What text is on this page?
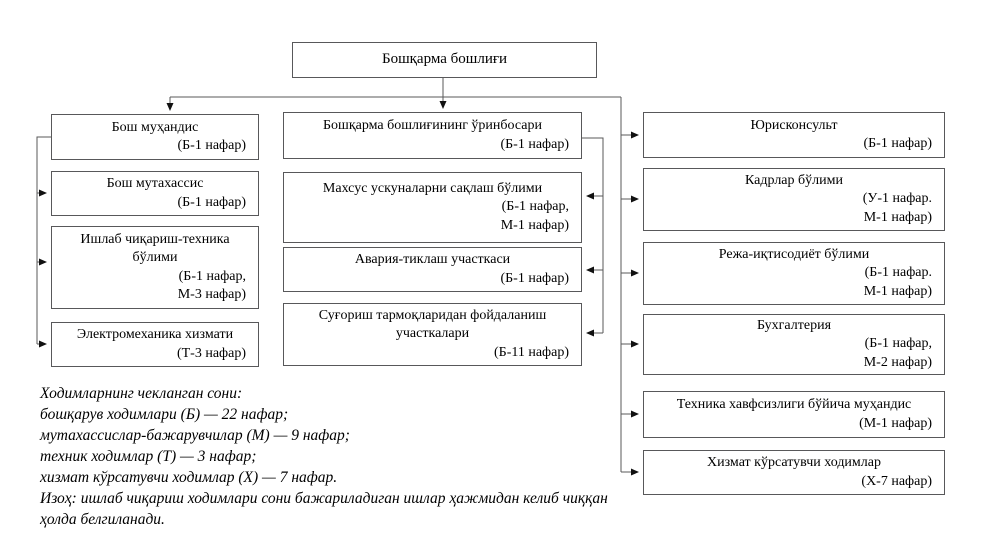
Бошқарма бошлиғи
Бош муҳандис
(Б-1 нафар)
Бош мутахассис
(Б-1 нафар)
Ишлаб чиқариш-техника бўлими
(Б-1 нафар,
М-3 нафар)
Электромеханика хизмати
(Т-3 нафар)
Бошқарма бошлиғининг ўринбосари
(Б-1 нафар)
Махсус ускуналарни сақлаш бўлими
(Б-1 нафар,
М-1 нафар)
Авария-тиклаш участкаси
(Б-1 нафар)
Суғориш тармоқларидан фойдаланиш участкалари
(Б-11 нафар)
Юрисконсульт
(Б-1 нафар)
Кадрлар бўлими
(У-1 нафар.
М-1 нафар)
Режа-иқтисодиёт бўлими
(Б-1 нафар.
М-1 нафар)
Бухгалтерия
(Б-1 нафар,
М-2 нафар)
Техника хавфсизлиги бўйича муҳандис
(М-1 нафар)
Хизмат кўрсатувчи ходимлар
(Х-7 нафар)
Ходимларнинг чекланган сони:
бошқарув ходимлари (Б) — 22 нафар;
мутахассислар-бажарувчилар (М) — 9 нафар;
техник ходимлар (Т) — 3 нафар;
хизмат кўрсатувчи ходимлар (Х) — 7 нафар.
Изоҳ: ишлаб чиқариш ходимлари сони бажариладиган ишлар ҳажмидан келиб чиққан ҳолда белгиланади.
